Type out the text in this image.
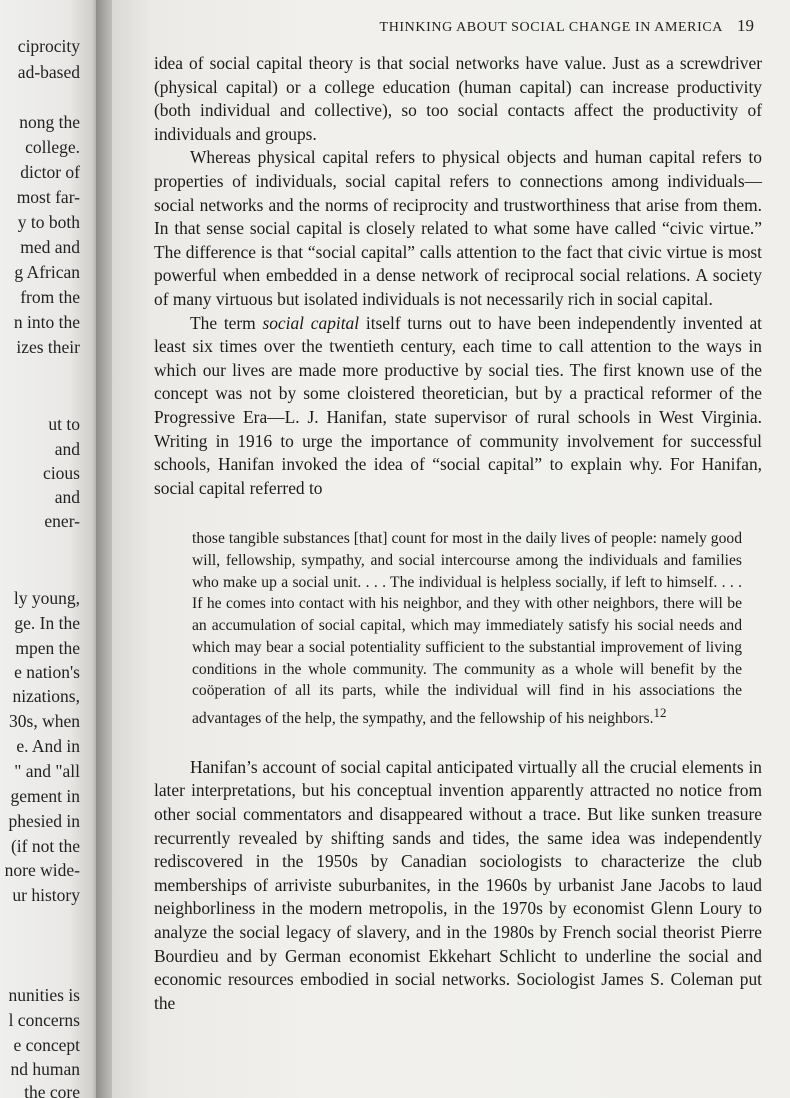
ciprocity

ad-based

nong the

college.

dictor of

most far-

y to both

med and

g African

from the

n into the

izes their

ut to

and

cious

and

ener-

ly young,

ge. In the

mpen the

e nation's

nizations,

30s, when

e. And in

" and "all

gement in

phesied in

(if not the

nore wide-

ur history

nunities is

l concerns

e concept

nd human

the core

THINKING ABOUT SOCIAL CHANGE IN AMERICA 19

idea of social capital theory is that social networks have value. Just as a screwdriver (physical capital) or a college education (human capital) can increase productivity (both individual and collective), so too social contacts affect the productivity of individuals and groups.

Whereas physical capital refers to physical objects and human capital refers to properties of individuals, social capital refers to connections among individuals—social networks and the norms of reciprocity and trustworthiness that arise from them. In that sense social capital is closely related to what some have called “civic virtue.” The difference is that “social capital” calls attention to the fact that civic virtue is most powerful when embedded in a dense network of reciprocal social relations. A society of many virtuous but isolated individuals is not necessarily rich in social capital.

The term social capital itself turns out to have been independently invented at least six times over the twentieth century, each time to call attention to the ways in which our lives are made more productive by social ties. The first known use of the concept was not by some cloistered theoretician, but by a practical reformer of the Progressive Era—L. J. Hanifan, state supervisor of rural schools in West Virginia. Writing in 1916 to urge the importance of community involvement for successful schools, Hanifan invoked the idea of “social capital” to explain why. For Hanifan, social capital referred to

those tangible substances [that] count for most in the daily lives of people: namely good will, fellowship, sympathy, and social intercourse among the individuals and families who make up a social unit. . . . The individual is helpless socially, if left to himself. . . . If he comes into contact with his neighbor, and they with other neighbors, there will be an accumulation of social capital, which may immediately satisfy his social needs and which may bear a social potentiality sufficient to the substantial improvement of living conditions in the whole community. The community as a whole will benefit by the coöperation of all its parts, while the individual will find in his associations the advantages of the help, the sympathy, and the fellowship of his neighbors.$^{12}$

Hanifan’s account of social capital anticipated virtually all the crucial elements in later interpretations, but his conceptual invention apparently attracted no notice from other social commentators and disappeared without a trace. But like sunken treasure recurrently revealed by shifting sands and tides, the same idea was independently rediscovered in the 1950s by Canadian sociologists to characterize the club memberships of arriviste suburbanites, in the 1960s by urbanist Jane Jacobs to laud neighborliness in the modern metropolis, in the 1970s by economist Glenn Loury to analyze the social legacy of slavery, and in the 1980s by French social theorist Pierre Bourdieu and by German economist Ekkehart Schlicht to underline the social and economic resources embodied in social networks. Sociologist James S. Coleman put the
